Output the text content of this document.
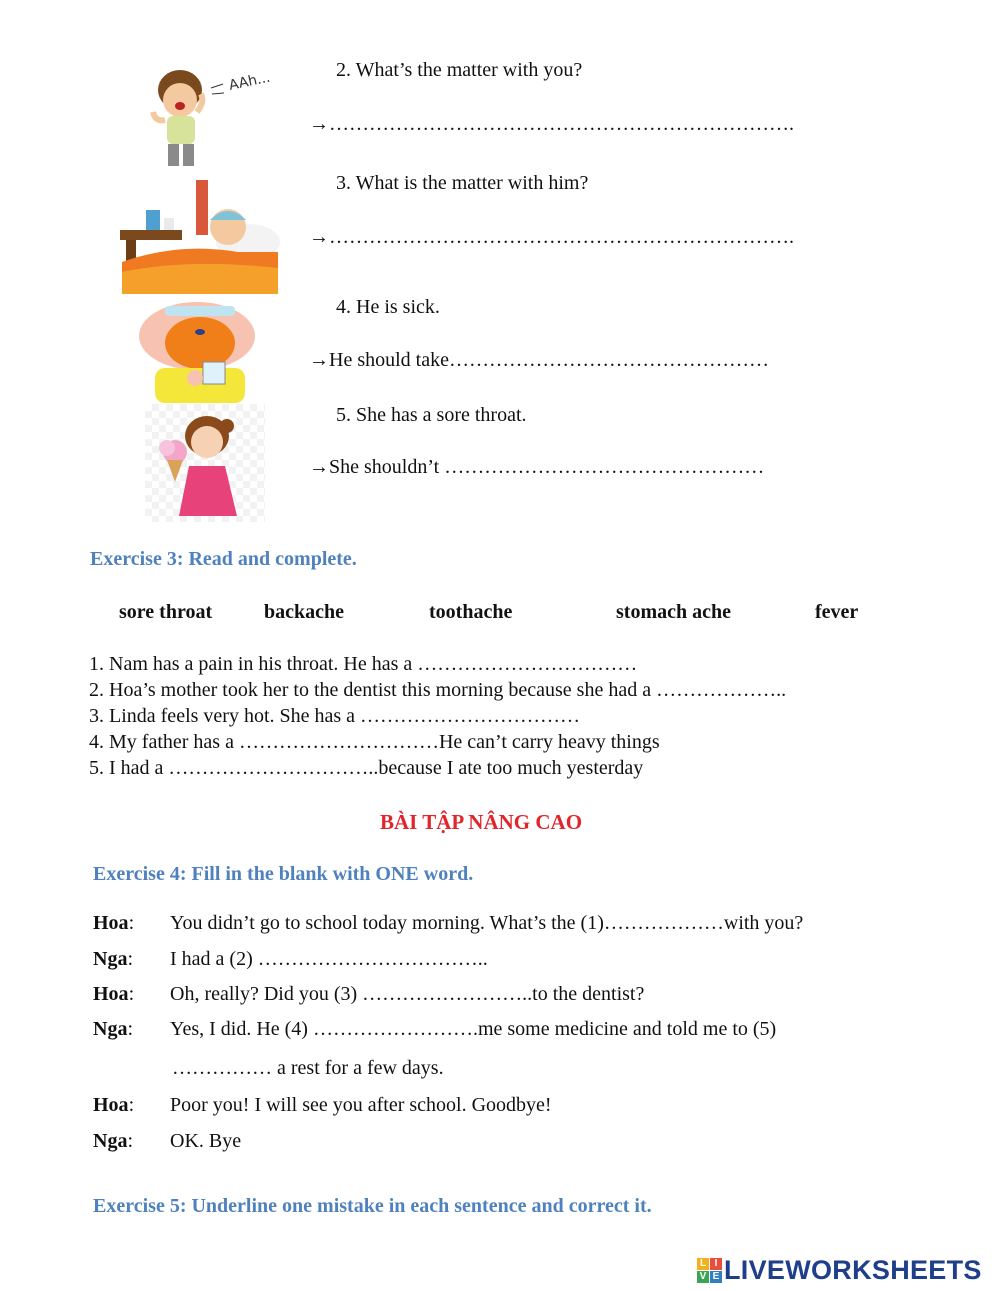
AAh...	2. What’s the matter with you?
→…………………………………………………………….
3. What is the matter with him?
→…………………………………………………………….
4. He is sick.
→He should take…………………………………………
5. She has a sore throat.
→She shouldn’t …………………………………………
Exercise 3: Read and complete.
sore throat	backache	toothache	stomach ache	fever
1. Nam has a pain in his throat. He has a ……………………………
2. Hoa’s mother took her to the dentist this morning because she had a ………………..
3. Linda feels very hot. She has a ……………………………
4. My father has a …………………………He can’t carry heavy things
5. I had a …………………………..because I ate too much yesterday
BÀI TẬP NÂNG CAO
Exercise 4: Fill in the blank with ONE word.
Hoa: You didn’t go to school today morning. What’s the (1)………………with you?
Nga: I had a (2) ……………………………..
Hoa: Oh, really? Did you (3) ……………………..to the dentist?
Nga: Yes, I did. He (4) …………………….me some medicine and told me to (5)
…………… a rest for a few days.
Hoa: Poor you! I will see you after school. Goodbye!
Nga: OK. Bye
Exercise 5: Underline one mistake in each sentence and correct it.
L I
V E LIVEWORKSHEETS
